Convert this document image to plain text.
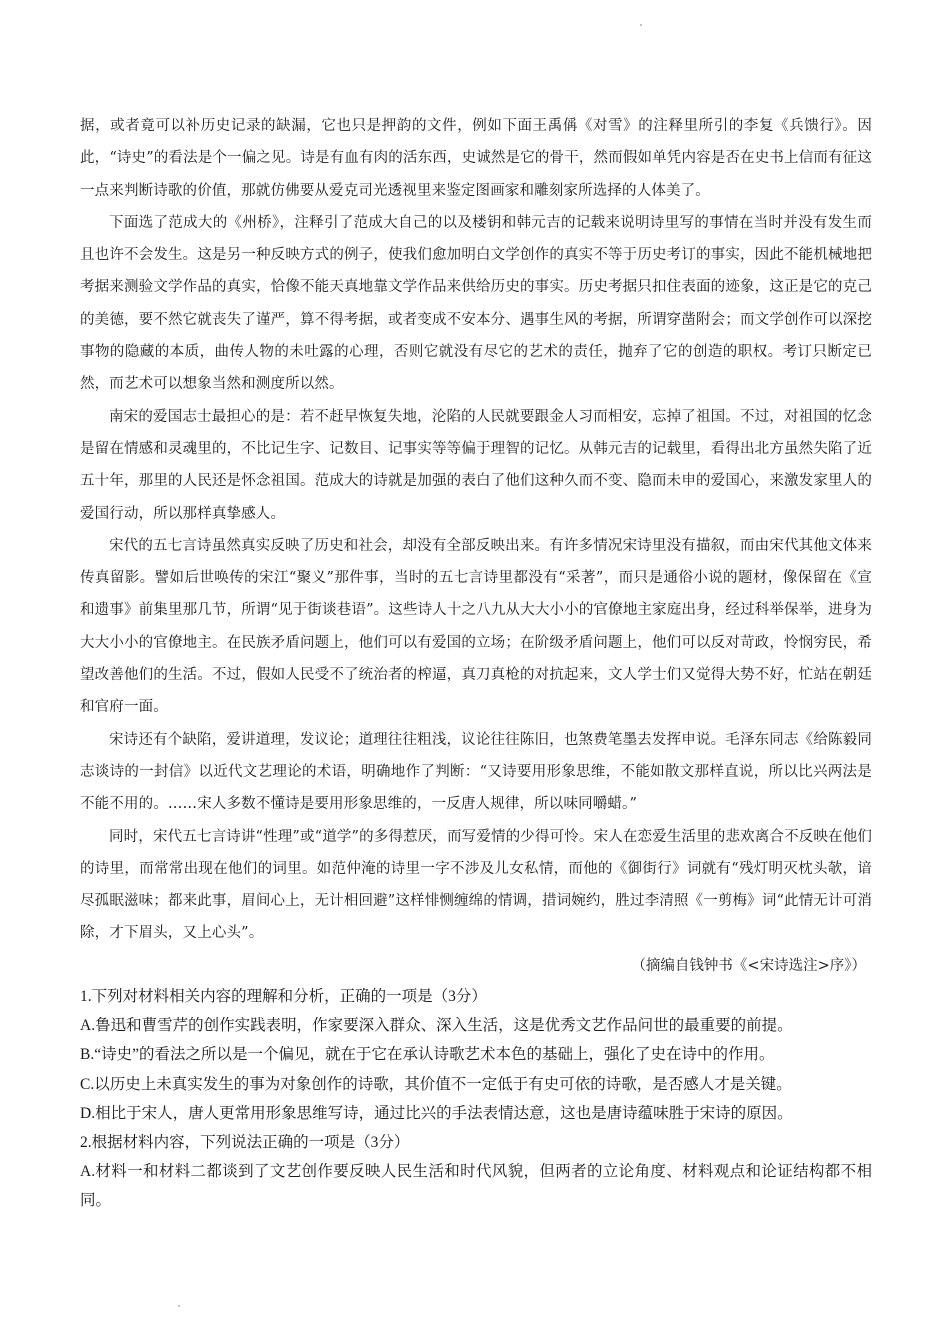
据，或者竟可以补历史记录的缺漏，它也只是押韵的文件，例如下面王禹偁《对雪》的注释里所引的李复《兵馈行》。因此，“诗史”的看法是个一偏之见。诗是有血有肉的活东西，史诚然是它的骨干，然而假如单凭内容是否在史书上信而有征这一点来判断诗歌的价值，那就仿佛要从爱克司光透视里来鉴定图画家和雕刻家所选择的人体美了。

下面选了范成大的《州桥》，注释引了范成大自己的以及楼钥和韩元吉的记载来说明诗里写的事情在当时并没有发生而且也许不会发生。这是另一种反映方式的例子，使我们愈加明白文学创作的真实不等于历史考订的事实，因此不能机械地把考据来测验文学作品的真实，恰像不能天真地靠文学作品来供给历史的事实。历史考据只扣住表面的迹象，这正是它的克己的美德，要不然它就丧失了谨严，算不得考据，或者变成不安本分、遇事生风的考据，所谓穿凿附会；而文学创作可以深挖事物的隐藏的本质，曲传人物的未吐露的心理，否则它就没有尽它的艺术的责任，抛弃了它的创造的职权。考订只断定已然，而艺术可以想象当然和测度所以然。

南宋的爱国志士最担心的是：若不赶早恢复失地，沦陷的人民就要跟金人习而相安，忘掉了祖国。不过，对祖国的忆念是留在情感和灵魂里的，不比记生字、记数目、记事实等等偏于理智的记忆。从韩元吉的记载里，看得出北方虽然失陷了近五十年，那里的人民还是怀念祖国。范成大的诗就是加强的表白了他们这种久而不变、隐而未申的爱国心，来激发家里人的爱国行动，所以那样真挚感人。

宋代的五七言诗虽然真实反映了历史和社会，却没有全部反映出来。有许多情况宋诗里没有描叙，而由宋代其他文体来传真留影。譬如后世唤传的宋江“聚义”那件事，当时的五七言诗里都没有“采著”，而只是通俗小说的题材，像保留在《宣和遗事》前集里那几节，所谓“见于街谈巷语”。这些诗人十之八九从大大小小的官僚地主家庭出身，经过科举保举，进身为大大小小的官僚地主。在民族矛盾问题上，他们可以有爱国的立场；在阶级矛盾问题上，他们可以反对苛政，怜悯穷民，希望改善他们的生活。不过，假如人民受不了统治者的榨逼，真刀真枪的对抗起来，文人学士们又觉得大势不好，忙站在朝廷和官府一面。

宋诗还有个缺陷，爱讲道理，发议论；道理往往粗浅，议论往往陈旧，也煞费笔墨去发挥申说。毛泽东同志《给陈毅同志谈诗的一封信》以近代文艺理论的术语，明确地作了判断：“又诗要用形象思维，不能如散文那样直说，所以比兴两法是不能不用的。……宋人多数不懂诗是要用形象思维的，一反唐人规律，所以味同嚼蜡。”

同时，宋代五七言诗讲“性理”或“道学”的多得惹厌，而写爱情的少得可怜。宋人在恋爱生活里的悲欢离合不反映在他们的诗里，而常常出现在他们的词里。如范仲淹的诗里一字不涉及儿女私情，而他的《御街行》词就有“残灯明灭枕头欹，谙尽孤眠滋味；都来此事，眉间心上，无计相回避”这样悱恻缠绵的情调，措词婉约，胜过李清照《一剪梅》词“此情无计可消除，才下眉头，又上心头”。

（摘编自钱钟书《<宋诗选注>序》）

1.下列对材料相关内容的理解和分析，正确的一项是（3分）

A.鲁迅和曹雪芹的创作实践表明，作家要深入群众、深入生活，这是优秀文艺作品问世的最重要的前提。

B.“诗史”的看法之所以是一个偏见，就在于它在承认诗歌艺术本色的基础上，强化了史在诗中的作用。

C.以历史上未真实发生的事为对象创作的诗歌，其价值不一定低于有史可依的诗歌，是否感人才是关键。

D.相比于宋人，唐人更常用形象思维写诗，通过比兴的手法表情达意，这也是唐诗蕴味胜于宋诗的原因。

2.根据材料内容，下列说法正确的一项是（3分）

A.材料一和材料二都谈到了文艺创作要反映人民生活和时代风貌，但两者的立论角度、材料观点和论证结构都不相同。
